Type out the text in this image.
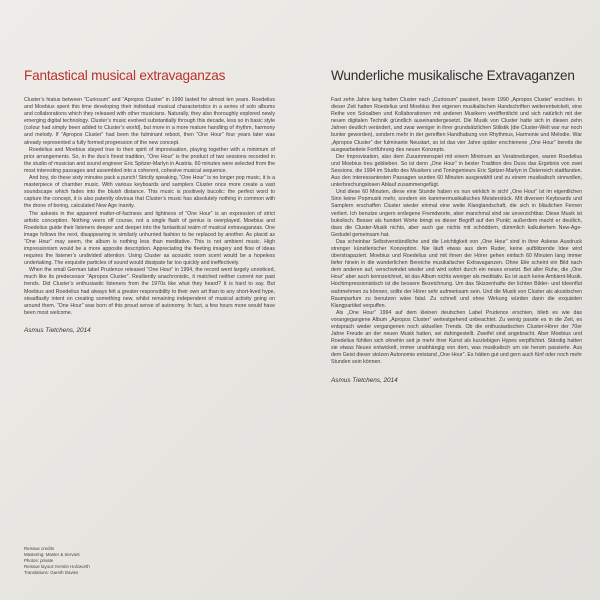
Fantastical musical extravaganzas

Cluster’s hiatus between “Curiosum” and “Apropos Cluster” in 1990 lasted for almost ten years. Roedelius and Moebius spent this time developing their individual musical characteristics in a series of solo albums and collaborations which they released with other musicians. Naturally, they also thoroughly explored newly emerging digital technology. Cluster’s music evolved substantially through this decade, less so in basic style (colour had simply been added to Cluster’s world), but more in a more mature handling of rhythm, harmony and melody. If “Apropos Cluster” had been the fulminant reboot, then “One Hour” four years later was already represented a fully formed progression of the new concept.

Roedelius and Moebius stayed true to their spirit of improvisation, playing together with a minimum of prior arrangements. So, in the duo’s finest tradition, “One Hour” is the product of two sessions recorded in the studio of musician and sound engineer Eric Spitzer-Marlyn in Austria. 60 minutes were selected from the most interesting passages and assembled into a coherent, cohesive musical sequence.

And boy, do these sixty minutes pack a punch! Strictly speaking, “One Hour” is no longer pop music, it is a masterpiece of chamber music. With various keyboards and samplers Cluster once more create a vast soundscape which fades into the bluish distance. This music is positively bucolic: the perfect word to capture the concept, it is also patently obvious that Cluster’s music has absolutely nothing in common with the drone of boring, calculated New Age inanity.

The askesis in the apparent matter-of-factness and lightness of “One Hour” is an expression of strict artistic conception. Nothing veers off course, not a single flash of genius is overplayed. Moebius and Roedelius guide their listeners deeper and deeper into the fantastical realm of musical extravaganzas. One image follows the next, disappearing in similarly unhurried fashion to be replaced by another. As placid as “One Hour” may seem, the album is nothing less than meditative. This is not ambient music. High impressionism would be a more apposite description. Appreciating the fleeting imagery and flow of ideas requires the listener’s undivided attention. Using Cluster as acoustic room scent would be a hopeless undertaking. The exquisite particles of sound would dissipate far too quickly and ineffectively.

When the small German label Prudence released “One Hour” in 1994, the record went largely unnoticed, much like its predecessor “Apropos Cluster”. Resiliently anachronistic, it matched neither current nor past trends. Did Cluster’s enthusiastic listeners from the 1970s like what they heard? It is hard to say. But Moebius and Roedelius had always felt a greater responsibility to their own art than to any short-lived hype, steadfastly intent on creating something new, whilst remaining independent of musical activity going on around them. “One Hour” was born of this proud sense of autonomy. In fact, a few hours more would have been most welcome.

Asmus Tietchens, 2014
Wunderliche musikalische Extravaganzen

Fast zehn Jahre lang hatten Cluster nach „Curiosum“ pausiert, bevor 1990 „Apropos Cluster“ erschien. In dieser Zeit hatten Roedelius und Moebius ihre eigenen musikalischen Handschriften weiterentwickelt, eine Reihe von Soloalben und Kollaborationen mit anderen Musikern veröffentlicht und sich natürlich mit der neuen digitalen Technik gründlich auseinandergesetzt. Die Musik von Cluster hatte sich in diesen zehn Jahren deutlich verändert, und zwar weniger in ihrer grundsätzlichen Stilistik (die Cluster-Welt war nur noch bunter geworden), sondern mehr in der gereiften Handhabung von Rhythmus, Harmonie und Melodie. War „Apropos Cluster“ der fulminante Neustart, so ist das vier Jahre später erschienene „One Hour“ bereits die ausgearbeitete Fortführung des neuen Konzepts.

Der Improvisation, also dem Zusammenspiel mit einem Minimum an Verabredungen, waren Roedelius und Moebius treu geblieben. So ist denn „One Hour“ in bester Tradition des Duos das Ergebnis von zwei Sessions, die 1994 im Studio des Musikers und Toningenieurs Eric Spitzer-Marlyn in Österreich stattfanden. Aus den interessantesten Passagen wurden 60 Minuten ausgewählt und zu einem musikalisch sinnvollen, unterbrechungslosen Ablauf zusammengefügt.

Und diese 60 Minuten, diese eine Stunde haben es nun wirklich in sich! „One Hour“ ist im eigentlichen Sinn keine Popmusik mehr, sondern ein kammermusikalisches Meisterstück. Mit diversen Keyboards und Samplern erschaffen Cluster wieder einmal eine weite Klanglandschaft, die sich in bläulichen Fernen verliert. Ich benutze ungern entlegene Fremdworte, aber manchmal sind sie unverzichtbar. Diese Musik ist bukolisch. Besser als hundert Worte bringt es dieser Begriff auf den Punkt; außerdem macht er deutlich, dass die Cluster-Musik nichts, aber auch gar nichts mit schöddem, dümmlich kalkuliertem New-Age-Gedudel gemeinsam hat.

Das scheinbar Selbstverständliche und die Leichtigkeit von „One Hour“ sind in ihrer Askese Ausdruck strenger künstlerischer Konzeption. Nie läuft etwas aus dem Ruder, keine aufblitzende Idee wird überstrapaziert. Moebius und Roedelius und mit ihnen der Hörer gehen einfach 60 Minuten lang immer tiefer hinein in die wunderlichen Bereiche musikalischer Extravaganzen. Ohne Eile scheint ein Bild nach dem anderen auf, verschwindet wieder und wird sofort durch ein neues ersetzt. Bei aller Ruhe, die „One Hour“ aber auch kennzeichnet, ist das Album nichts weniger als meditativ. Es ist auch keine Ambient-Musik. Hochimpressionistisch ist die bessere Bezeichnung. Um das Skizzenhafte der lichten Bilder- und Ideenflut wahrnehmen zu können, sollte der Hörer sehr aufmerksam sein. Und die Musik von Cluster als akustischen Raumparfum zu benutzen wäre fatal. Zu schnell und ohne Wirkung würden dann die exquisiten Klangpartikel verpuffen.

Als „One Hour“ 1994 auf dem kleinen deutschen Label Prudence erschien, blieb es wie das vorangegangene Album „Apropos Cluster“ weitestgehend unbeachtet. Zu wenig passte es in die Zeit, es entsprach weder vergangenen noch aktuellen Trends. Ob die enthusiastischen Cluster-Hörer der 70er Jahre Freude an der neuen Musik hatten, sei dahingestellt. Zweifel sind angebracht. Aber Moebius und Roedelius fühlten sich ohnehin seit je mehr ihrer Kunst als kurzlebigen Hypes verpflichtet. Ständig hatten sie etwas Neues entwickelt, immer unabhängig von dem, was musikalisch um sie herum passierte. Aus dem Geist dieser stolzen Autonomie entstand „One Hour“. Es hätten gut und gern auch fünf oder noch mehr Stunden sein können.

Asmus Tietchens, 2014
Reissue credits
Mastering: Master & Servant
Photos: private
Reissue layout: Kerstin Holzworth
Translations: Gareth Davies
